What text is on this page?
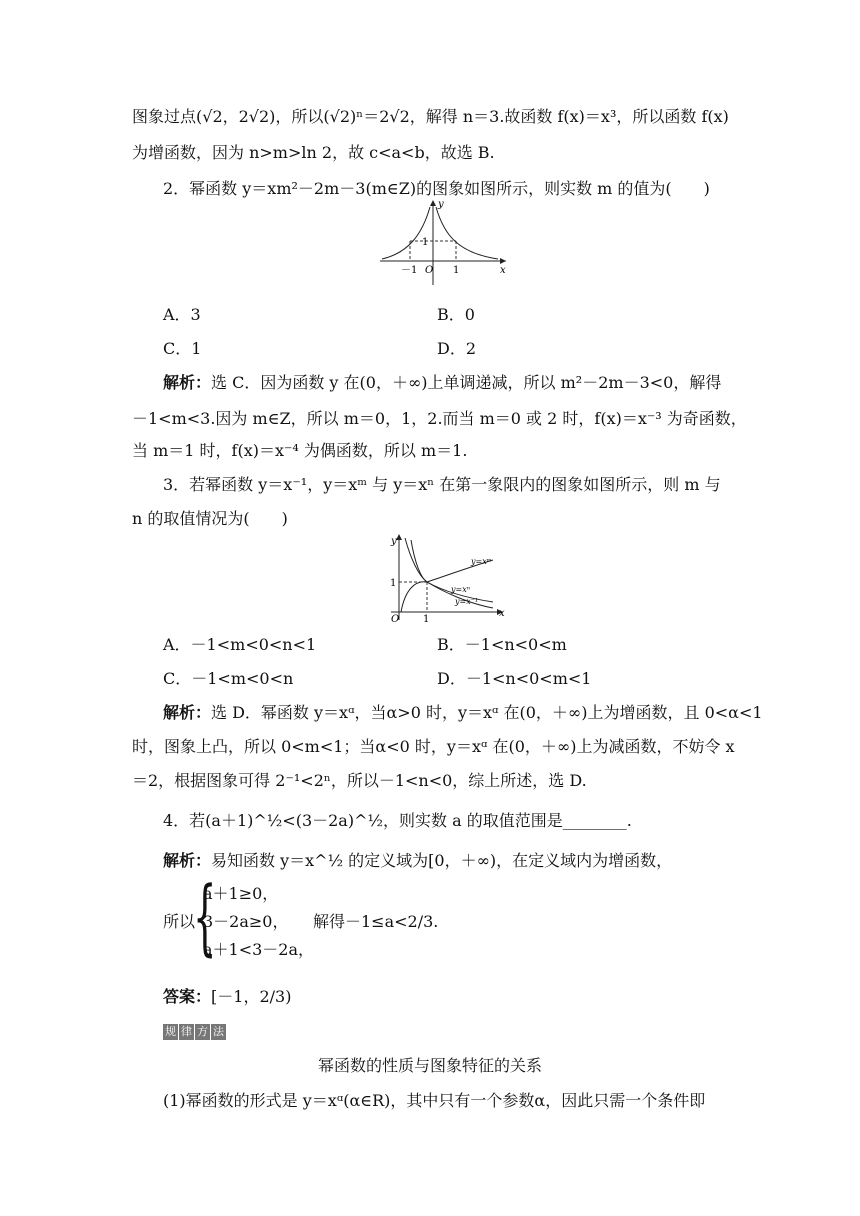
图象过点(√2，2√2)，所以(√2)ⁿ＝2√2，解得 n＝3.故函数 f(x)＝x³，所以函数 f(x)
为增函数，因为 n>m>ln 2，故 c<a<b，故选 B.
2．幂函数 y＝xm²－2m－3(m∈Z)的图象如图所示，则实数 m 的值为(　　)
y
x
1
－1 O 1
A．3	B．0
C．1	D．2
解析：选 C．因为函数 y 在(0，＋∞)上单调递减，所以 m²－2m－3<0，解得
－1<m<3.因为 m∈Z，所以 m＝0，1，2.而当 m＝0 或 2 时，f(x)＝x⁻³ 为奇函数，
当 m＝1 时，f(x)＝x⁻⁴ 为偶函数，所以 m＝1.
3．若幂函数 y＝x⁻¹，y＝xᵐ 与 y＝xⁿ 在第一象限内的图象如图所示，则 m 与
n 的取值情况为(　　)
y
x
1
O 1
y=xᵐ
y=xⁿ
y=x⁻¹
A．－1<m<0<n<1	B．－1<n<0<m
C．－1<m<0<n	D．－1<n<0<m<1
解析：选 D．幂函数 y＝xᵅ，当α>0 时，y＝xᵅ 在(0，＋∞)上为增函数，且 0<α<1
时，图象上凸，所以 0<m<1；当α<0 时，y＝xᵅ 在(0，＋∞)上为减函数，不妨令 x
＝2，根据图象可得 2⁻¹<2ⁿ，所以－1<n<0，综上所述，选 D.
4．若(a＋1)^½<(3－2a)^½，则实数 a 的取值范围是________.
解析：易知函数 y＝x^½ 的定义域为[0，＋∞)，在定义域内为增函数，
所以
{
a＋1≥0，
3－2a≥0，
a＋1<3－2a，
解得－1≤a<2/3.
答案：[－1，2/3)
规 律 方 法
幂函数的性质与图象特征的关系
(1)幂函数的形式是 y＝xᵅ(α∈R)，其中只有一个参数α，因此只需一个条件即
